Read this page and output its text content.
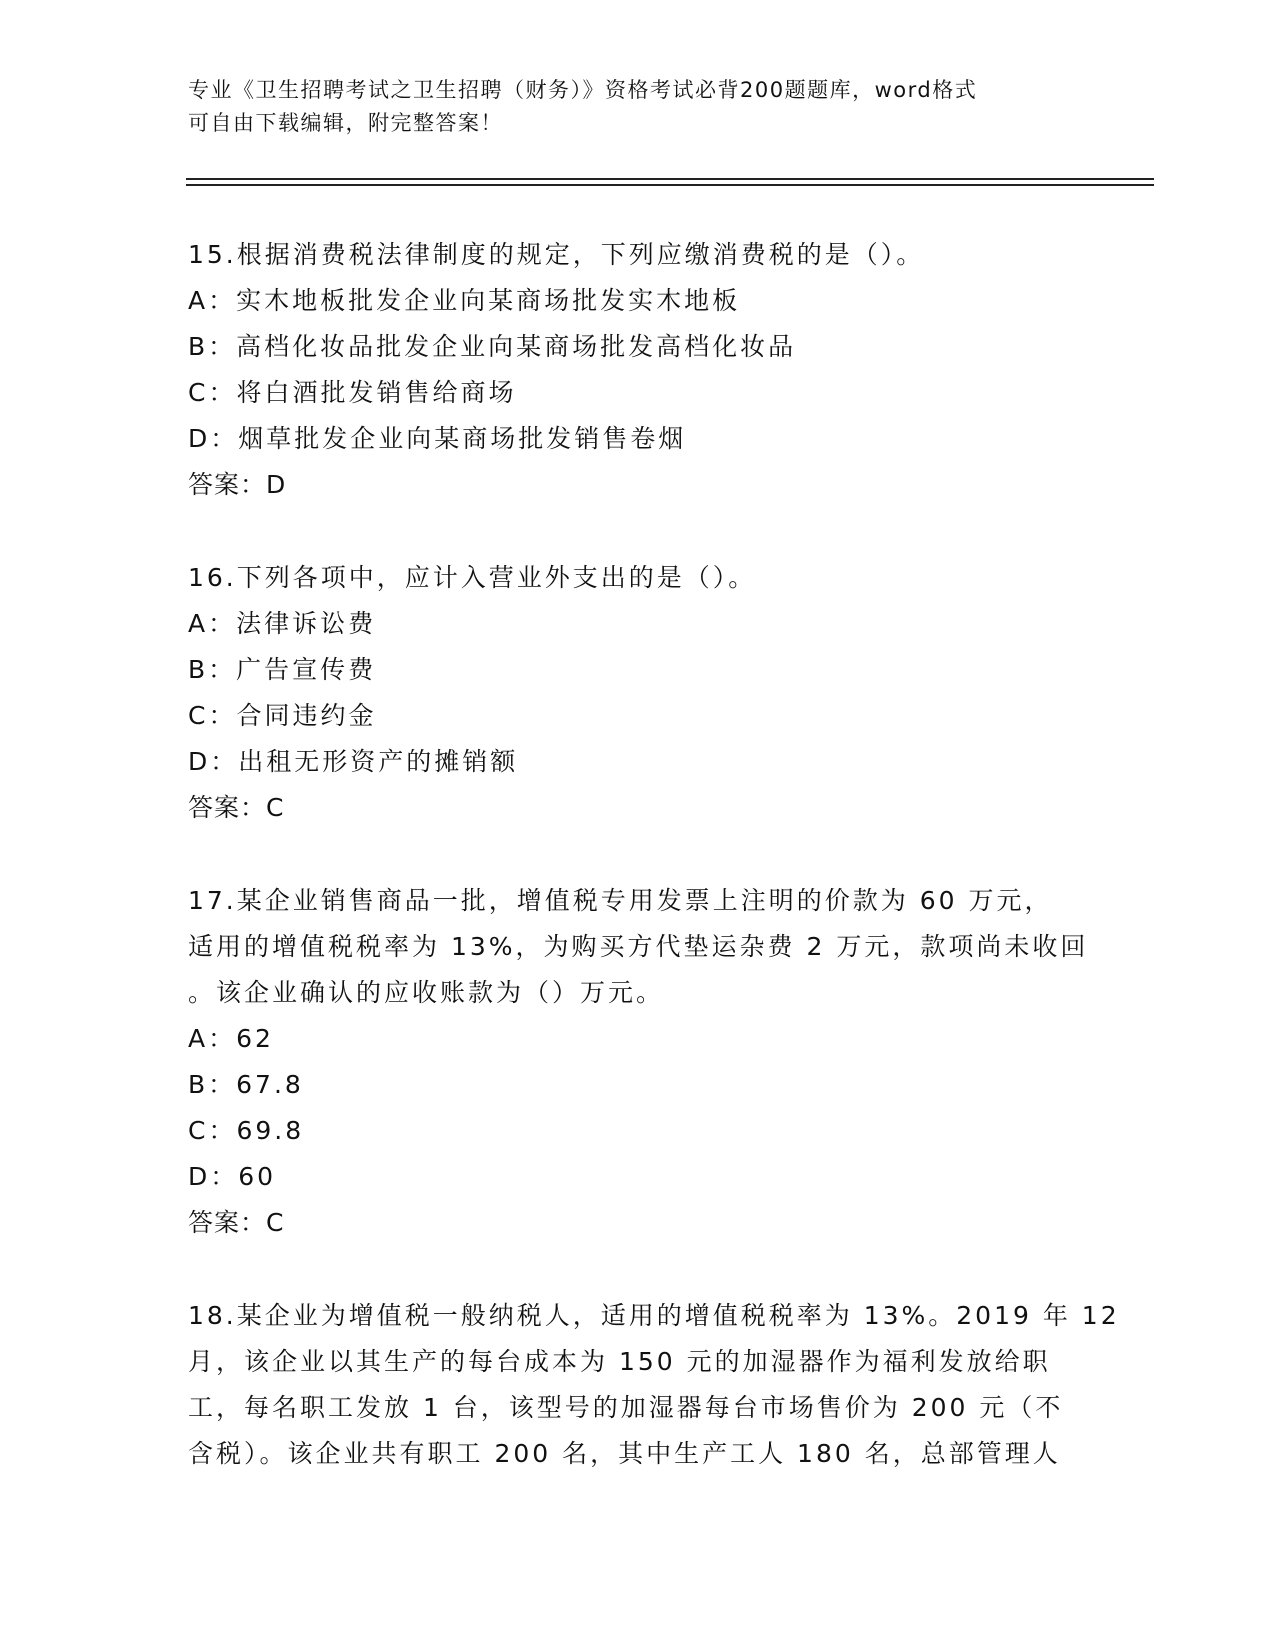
专业《卫生招聘考试之卫生招聘（财务）》资格考试必背200题题库，word格式
可自由下载编辑，附完整答案！
15.根据消费税法律制度的规定，下列应缴消费税的是（）。
A：实木地板批发企业向某商场批发实木地板
B：高档化妆品批发企业向某商场批发高档化妆品
C：将白酒批发销售给商场
D：烟草批发企业向某商场批发销售卷烟
答案：D
16.下列各项中，应计入营业外支出的是（）。
A：法律诉讼费
B：广告宣传费
C：合同违约金
D：出租无形资产的摊销额
答案：C
17.某企业销售商品一批，增值税专用发票上注明的价款为 60 万元，
适用的增值税税率为 13%，为购买方代垫运杂费 2 万元，款项尚未收回
。该企业确认的应收账款为（）万元。
A：62
B：67.8
C：69.8
D：60
答案：C
18.某企业为增值税一般纳税人，适用的增值税税率为 13%。2019 年 12
月，该企业以其生产的每台成本为 150 元的加湿器作为福利发放给职
工，每名职工发放 1 台，该型号的加湿器每台市场售价为 200 元（不
含税）。该企业共有职工 200 名，其中生产工人 180 名，总部管理人
